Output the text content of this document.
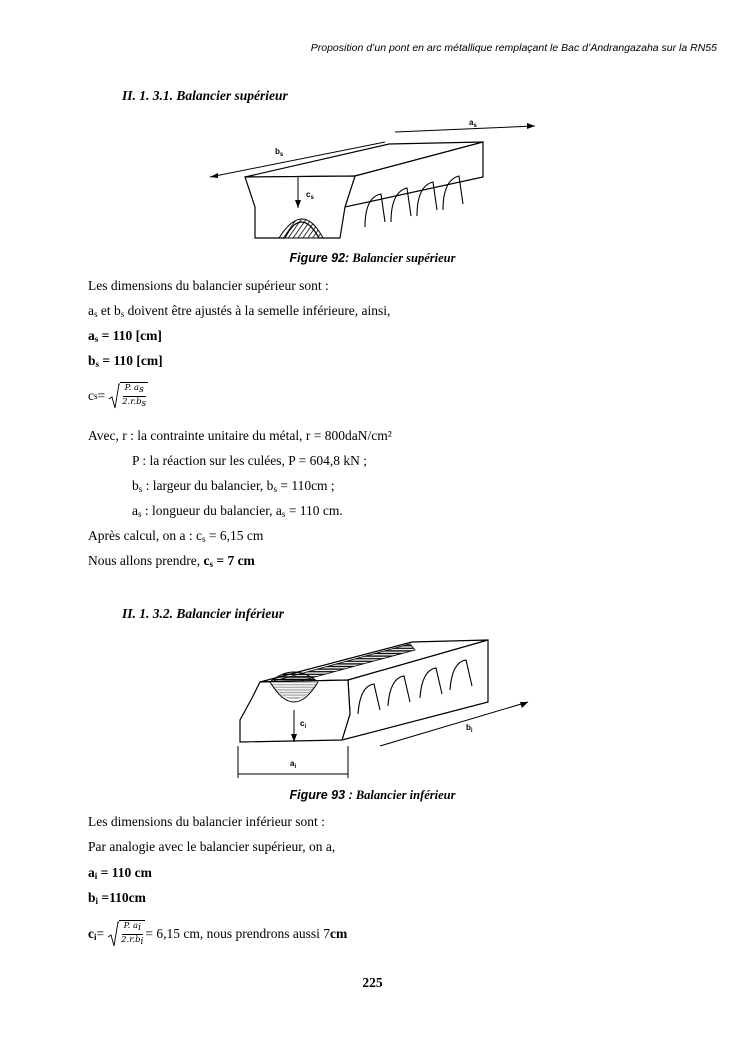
Proposition d’un pont en arc métallique remplaçant le Bac d’Andrangazaha sur la RN55
II. 1. 3.1. Balancier supérieur
$a_s$
$b_s$
$c_s$
Figure 92: Balancier supérieur
Les dimensions du balancier supérieur sont :
$a_s$ et $b_s$ doivent être ajustés à la semelle inférieure, ainsi,
$a_s = 110$ [cm]
$b_s = 110$ [cm]
c $s = \frac{P. a_s}{2.r.b_s}$
Avec, r : la contrainte unitaire du métal, r = 800daN/cm²
P : la réaction sur les culées, P = 604,8 kN ;
$b_s$ : largeur du balancier, $b_s = 110cm$ ;
$a_s$ : longueur du balancier, $a_s = 110$ cm.
Après calcul, on a : $c_s = 6,15$ cm
Nous allons prendre, $c_s = 7$ cm
II. 1. 3.2. Balancier inférieur
$b_i$
$c_i$
$a_i$
Figure 93 : Balancier inférieur
Les dimensions du balancier inférieur sont :
Par analogie avec le balancier supérieur, on a,
$a_i = 110$ cm
$b_i =110cm$
$c_i = \frac{P. a_i}{2.r.b_i} = 6,15$ cm, nous prendrons aussi 7 cm
225
